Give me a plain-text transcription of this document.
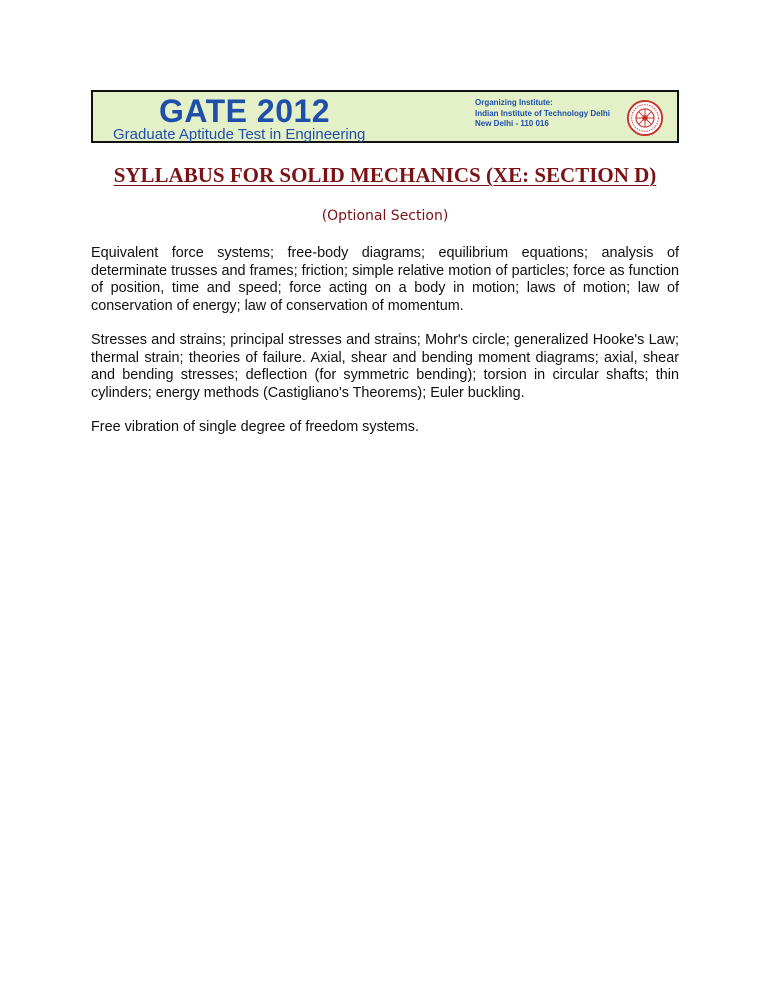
GATE 2012
Graduate Aptitude Test in Engineering
Organizing Institute:
Indian Institute of Technology Delhi
New Delhi - 110 016
SYLLABUS FOR SOLID MECHANICS (XE: SECTION D)
(Optional Section)

Equivalent force systems; free-body diagrams; equilibrium equations; analysis of determinate trusses and frames; friction; simple relative motion of particles; force as function of position, time and speed; force acting on a body in motion; laws of motion; law of conservation of energy; law of conservation of momentum.

Stresses and strains; principal stresses and strains; Mohr's circle; generalized Hooke's Law; thermal strain; theories of failure. Axial, shear and bending moment diagrams; axial, shear and bending stresses; deflection (for symmetric bending); torsion in circular shafts; thin cylinders; energy methods (Castigliano's Theorems); Euler buckling.

Free vibration of single degree of freedom systems.
